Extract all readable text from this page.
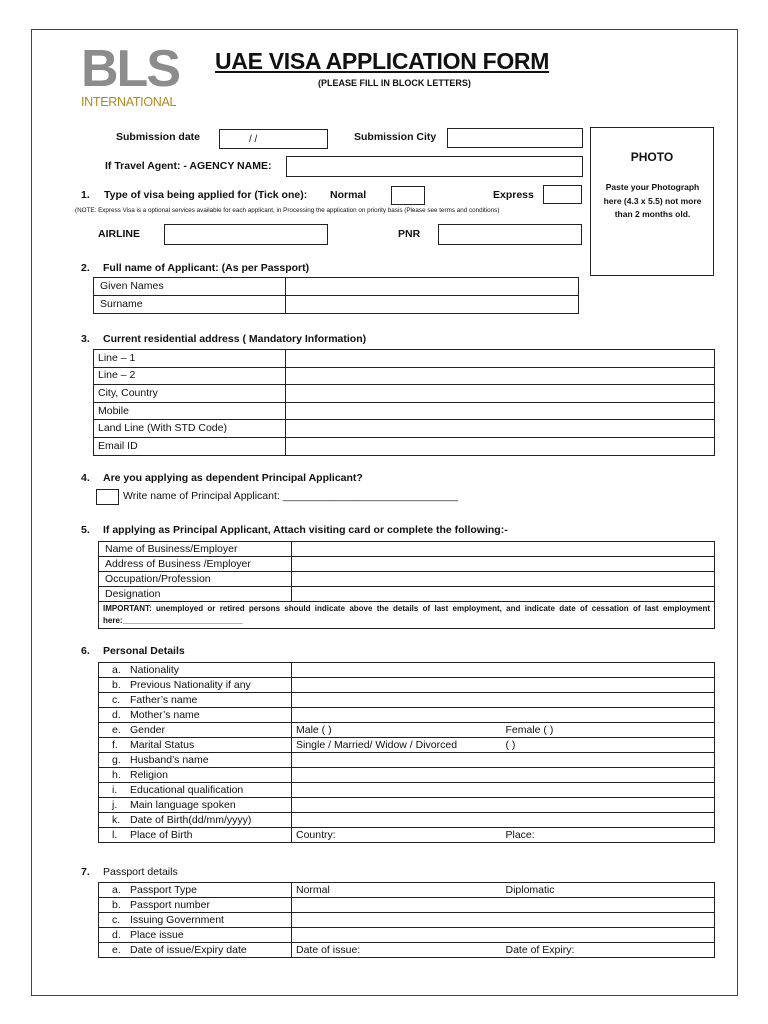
BLS
INTERNATIONAL
UAE VISA APPLICATION FORM
(PLEASE FILL IN BLOCK LETTERS)
Submission date	/ /	Submission City
If Travel Agent: - AGENCY NAME:
1. Type of visa being applied for (Tick one): Normal	Express
(NOTE: Express Visa is a optional services available for each applicant, in Processing the application on priority basis (Please see terms and conditions)
AIRLINE	PNR
PHOTO
Paste your Photograph here (4.3 x 5.5) not more than 2 months old.
2. Full name of Applicant: (As per Passport)
Given Names	
Surname	
3. Current residential address ( Mandatory Information)
Line – 1	
Line – 2	
City, Country	
Mobile	
Land Line (With STD Code)	
Email ID	
4. Are you applying as dependent Principal Applicant?
Write name of Principal Applicant: ______________________________
5. If applying as Principal Applicant, Attach visiting card or complete the following:-
Name of Business/Employer	
Address of Business /Employer	
Occupation/Profession	
Designation	
IMPORTANT: unemployed or retired persons should indicate above the details of last employment, and indicate date of cessation of last employment here:___________________________	
6. Personal Details
a. Nationality		
b. Previous Nationality if any		
c. Father’s name		
d. Mother’s name		
e. Gender	Male ( )	Female ( )
f. Marital Status	Single / Married/ Widow / Divorced	( )
g. Husband’s name		
h. Religion		
i. Educational qualification		
j. Main language spoken		
k. Date of Birth(dd/mm/yyyy)		
l. Place of Birth	Country:	Place:
7. Passport details
a. Passport Type	Normal	Diplomatic
b. Passport number		
c. Issuing Government		
d. Place issue		
e. Date of issue/Expiry date	Date of issue:	Date of Expiry:
